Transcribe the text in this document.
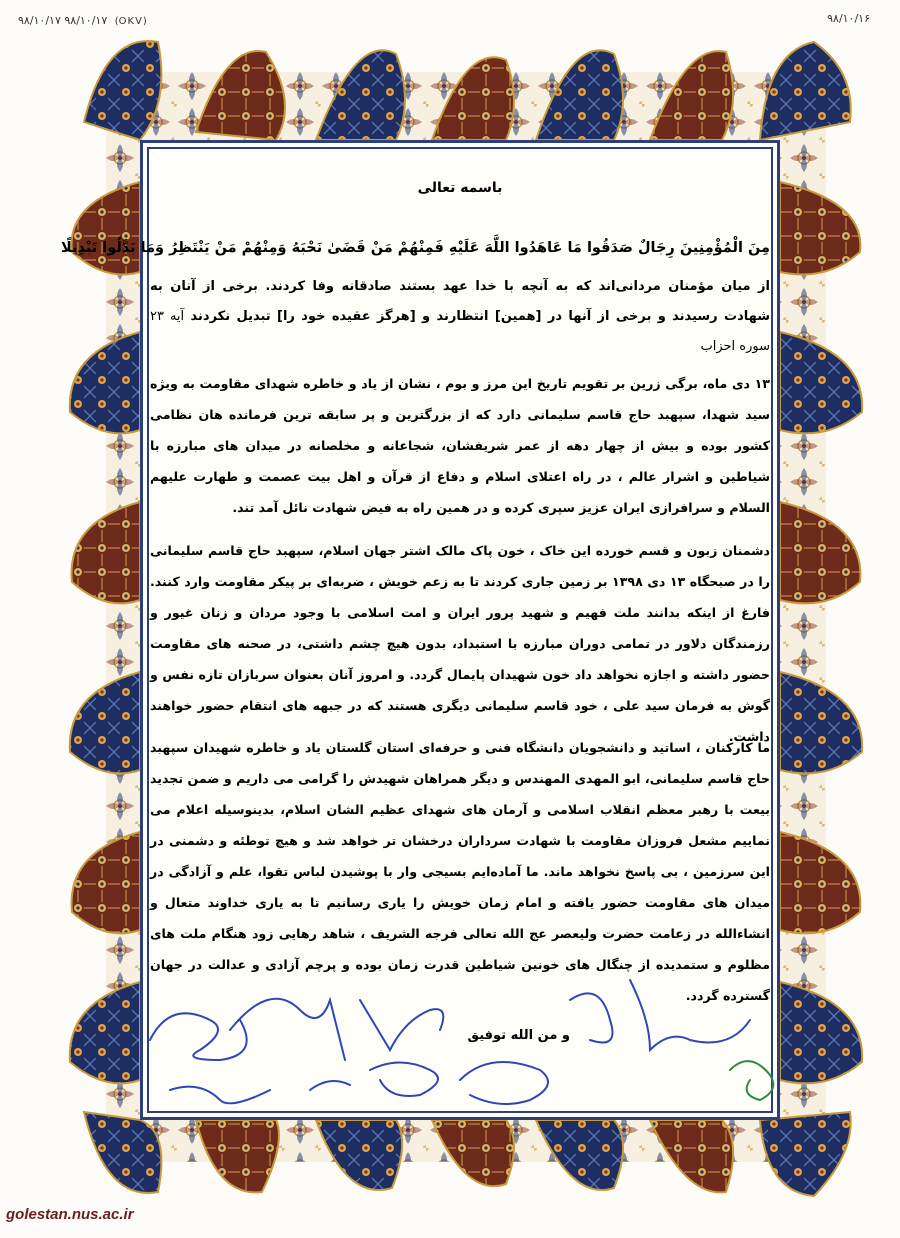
٩٨/١٠/١٧ ٩٨/١٠/١٧ (OKV)	۹۸/۱۰/۱۶
باسمه تعالی
مِنَ الْمُؤْمِنِينَ رِجَالٌ صَدَقُوا مَا عَاهَدُوا اللَّهَ عَلَيْهِ فَمِنْهُمْ مَنْ قَضَىٰ نَحْبَهُ وَمِنْهُمْ مَنْ يَنْتَظِرُ وَمَا بَدَّلُوا تَبْدِيلًا
از میان مؤمنان مردانی‌اند که به آنچه با خدا عهد بستند صادقانه وفا کردند. برخی از آنان به شهادت رسیدند و برخی از آنها در [همین] انتظارند و [هرگز عقیده خود را] تبدیل نکردند آیه ۲۳ سوره احزاب
۱۳ دی ماه، برگی زرین بر تقویم تاریخ این مرز و بوم ، نشان از یاد و خاطره شهدای مقاومت به ویژه سید شهدا، سپهبد حاج قاسم سلیمانی دارد که از بزرگترین و پر سابقه ترین فرمانده هان نظامی کشور بوده و بیش از چهار دهه از عمر شریفشان، شجاعانه و مخلصانه در میدان های مبارزه با شیاطین و اشرار عالم ، در راه اعتلای اسلام و دفاع از قرآن و اهل بیت عصمت و طهارت علیهم السلام و سرافرازی ایران عزیز سپری کرده و در همین راه به فیض شهادت نائل آمد تند.
دشمنان زبون و قسم خورده این خاک ، خون پاک مالک اشتر جهان اسلام، سپهبد حاج قاسم سلیمانی را در صبحگاه ۱۳ دی ۱۳۹۸ بر زمین جاری کردند تا به زعم خویش ، ضربه‌ای بر پیکر مقاومت وارد کنند. فارغ از اینکه بدانند ملت فهیم و شهید پرور ایران و امت اسلامی با وجود مردان و زنان غیور و رزمندگان دلاور در تمامی دوران مبارزه با استبداد، بدون هیچ چشم داشتی، در صحنه های مقاومت حضور داشته و اجازه نخواهد داد خون شهیدان پایمال گردد. و امروز آنان بعنوان سربازان تازه نفس و گوش به فرمان سید علی ، خود قاسم سلیمانی دیگری هستند که در جبهه های انتقام حضور خواهند داشت.
ما کارکنان ، اساتید و دانشجویان دانشگاه فنی و حرفه‌ای استان گلستان یاد و خاطره شهیدان سپهبد حاج قاسم سلیمانی، ابو المهدی المهندس و دیگر همراهان شهیدش را گرامی می داریم و ضمن تجدید بیعت با رهبر معظم انقلاب اسلامی و آرمان های شهدای عظیم الشان اسلام، بدینوسیله اعلام می نماییم مشعل فروزان مقاومت با شهادت سرداران درخشان تر خواهد شد و هیچ توطئه و دشمنی در این سرزمین ، بی پاسخ نخواهد ماند. ما آماده‌ایم بسیجی وار با پوشیدن لباس تقوا، علم و آزادگی در میدان های مقاومت حضور یافته و امام زمان خویش را یاری رسانیم تا به یاری خداوند متعال و انشاءالله در زعامت حضرت ولیعصر عج الله تعالی فرجه الشریف ، شاهد رهایی زود هنگام ملت های مظلوم و ستمدیده از چنگال های خونین شیاطین قدرت زمان بوده و پرچم آزادی و عدالت در جهان گسترده گردد.
و من الله توفیق
golestan.nus.ac.ir
